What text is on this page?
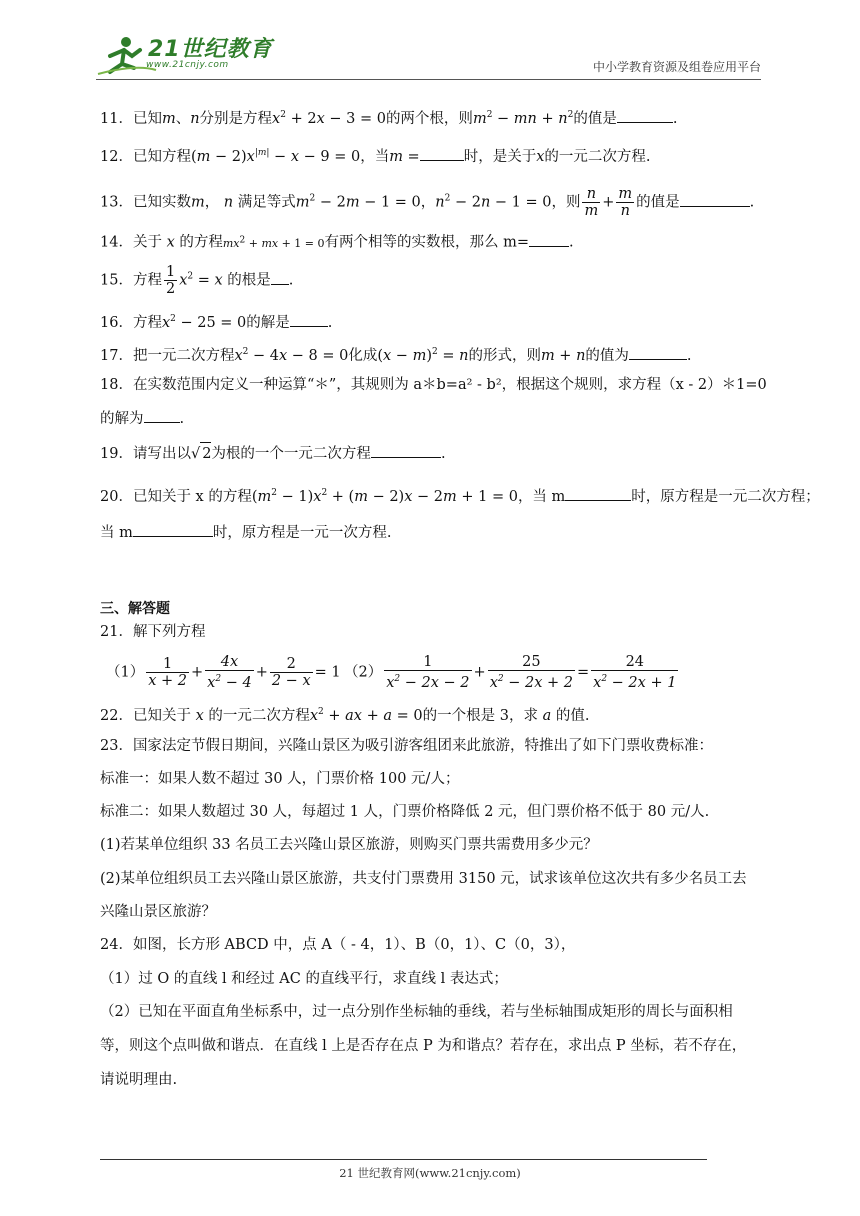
21世纪教育
www.21cnjy.com	中小学教育资源及组卷应用平台
11．已知m、n分别是方程$x^2 + 2x - 3 = 0$的两个根，则$m^2$ − mn + $n^2$的值是	.
12．已知方程$(m - 2)x^{|m|} - x - 9 = 0$，当m =	时，是关于x的一元二次方程.
13．已知实数m， n 满足等式$m^2 - 2m - 1 = 0$，$n^2 - 2n - 1 = 0$，则 $\frac{n}{m} + \frac{m}{n}$ 的值是	.
14．关于 x 的方程$mx^2$ + mx + 1 = 0有两个相等的实数根，那么 m=	.
15．方程 $\frac{1}{2} x^2 = x$ 的根是 .
16．方程$x^2 - 25 = 0$的解是	.
17．把一元二次方程$x^2 - 4x - 8 = 0$化成$(x - m)^2 = n$的形式，则m + n的值为	.
18．在实数范围内定义一种运算“＊”，其规则为 a＊b=a² - b²，根据这个规则，求方程（x - 2）＊1=0
的解为 .
19．请写出以√ 2为根的一个一元二次方程	.
20．已知关于 x 的方程$(m^2 - 1)x^2 + (m - 2)x - 2m + 1 = 0$，当 m	时，原方程是一元二次方程；
当 m	时，原方程是一元一次方程.
三、解答题
21．解下列方程
$(1) \frac{1}{x + 2} + \frac{4x}{x^2 - 4} + \frac{2}{2 - x} = 1$ $(2) \frac{1}{x^2 - 2x - 2} + \frac{25}{x^2 - 2x + 2} = \frac{24}{x^2 - 2x + 1}$
22．已知关于 x 的一元二次方程$x^2$ + ax + a = 0的一个根是 3，求 a 的值.
23．国家法定节假日期间，兴隆山景区为吸引游客组团来此旅游，特推出了如下门票收费标准：
标准一：如果人数不超过 30 人，门票价格 100 元/人；
标准二：如果人数超过 30 人，每超过 1 人，门票价格降低 2 元，但门票价格不低于 80 元/人.
(1)若某单位组织 33 名员工去兴隆山景区旅游，则购买门票共需费用多少元？
(2)某单位组织员工去兴隆山景区旅游，共支付门票费用 3150 元，试求该单位这次共有多少名员工去
兴隆山景区旅游？
24．如图，长方形 ABCD 中，点 A（ - 4，1）、B（0，1）、C（0，3），
（1）过 O 的直线 l 和经过 AC 的直线平行，求直线 l 表达式；
（2）已知在平面直角坐标系中，过一点分别作坐标轴的垂线，若与坐标轴围成矩形的周长与面积相
等，则这个点叫做和谐点．在直线 l 上是否存在点 P 为和谐点？若存在，求出点 P 坐标，若不存在，
请说明理由.
21 世纪教育网(www.21cnjy.com)
